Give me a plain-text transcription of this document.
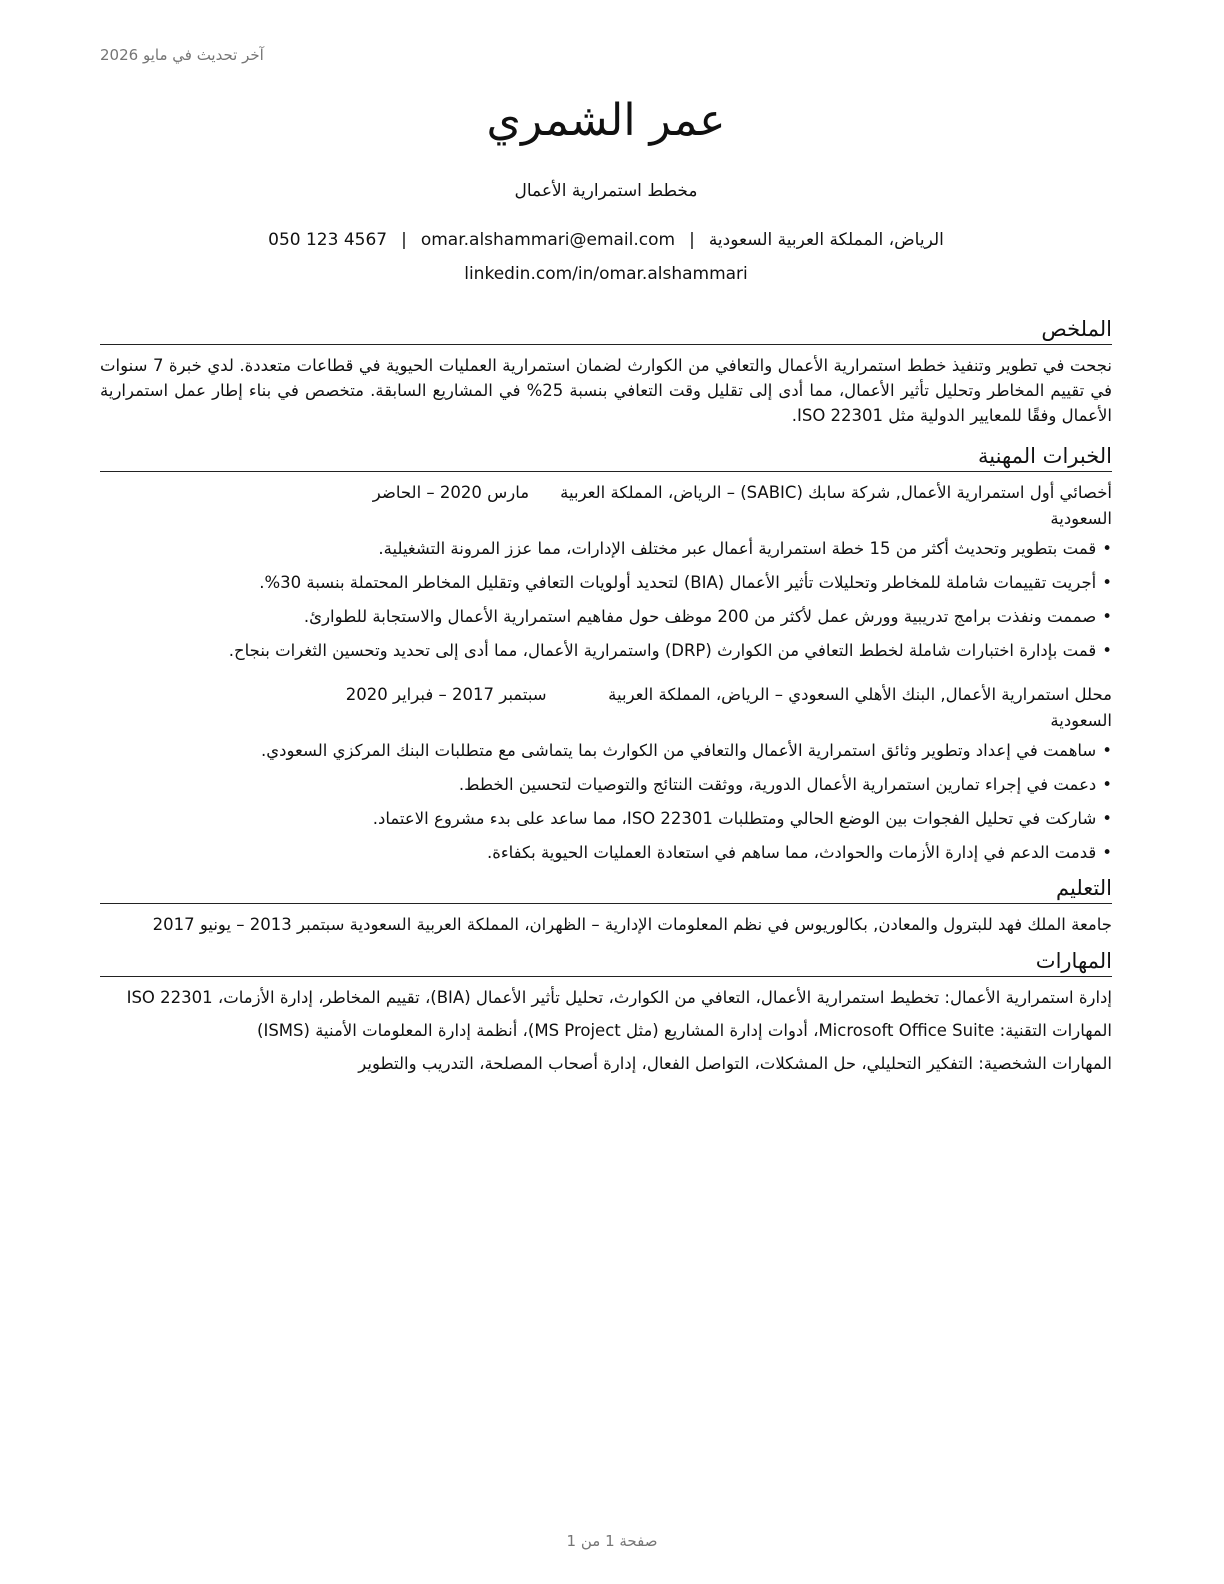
آخر تحديث في مايو 2026
عمر الشمري
مخطط استمرارية الأعمال
الرياض، المملكة العربية السعودية|omar.alshammari@email.com|050 123 4567
linkedin.com/in/omar.alshammari
الملخص

نجحت في تطوير وتنفيذ خطط استمرارية الأعمال والتعافي من الكوارث لضمان استمرارية العمليات الحيوية في قطاعات متعددة. لدي خبرة 7 سنوات في تقييم المخاطر وتحليل تأثير الأعمال، مما أدى إلى تقليل وقت التعافي بنسبة 25% في المشاريع السابقة. متخصص في بناء إطار عمل استمرارية الأعمال وفقًا للمعايير الدولية مثل ISO 22301.

الخبرات المهنية
أخصائي أول استمرارية الأعمال, شركة سابك (SABIC) – الرياض، المملكة العربية السعودية
مارس 2020 – الحاضر
•قمت بتطوير وتحديث أكثر من 15 خطة استمرارية أعمال عبر مختلف الإدارات، مما عزز المرونة التشغيلية.
•أجريت تقييمات شاملة للمخاطر وتحليلات تأثير الأعمال (BIA) لتحديد أولويات التعافي وتقليل المخاطر المحتملة بنسبة 30%.
•صممت ونفذت برامج تدريبية وورش عمل لأكثر من 200 موظف حول مفاهيم استمرارية الأعمال والاستجابة للطوارئ.
•قمت بإدارة اختبارات شاملة لخطط التعافي من الكوارث (DRP) واستمرارية الأعمال، مما أدى إلى تحديد وتحسين الثغرات بنجاح.
محلل استمرارية الأعمال, البنك الأهلي السعودي – الرياض، المملكة العربية السعودية
سبتمبر 2017 – فبراير 2020
•ساهمت في إعداد وتطوير وثائق استمرارية الأعمال والتعافي من الكوارث بما يتماشى مع متطلبات البنك المركزي السعودي.
•دعمت في إجراء تمارين استمرارية الأعمال الدورية، ووثقت النتائج والتوصيات لتحسين الخطط.
•شاركت في تحليل الفجوات بين الوضع الحالي ومتطلبات ISO 22301، مما ساعد على بدء مشروع الاعتماد.
•قدمت الدعم في إدارة الأزمات والحوادث، مما ساهم في استعادة العمليات الحيوية بكفاءة.
التعليم

جامعة الملك فهد للبترول والمعادن, بكالوريوس في نظم المعلومات الإدارية – الظهران، المملكة العربية السعودية سبتمبر 2013 – يونيو 2017

المهارات
إدارة استمرارية الأعمال: تخطيط استمرارية الأعمال، التعافي من الكوارث، تحليل تأثير الأعمال (BIA)، تقييم المخاطر، إدارة الأزمات، ISO 22301
المهارات التقنية: Microsoft Office Suite، أدوات إدارة المشاريع (مثل MS Project)، أنظمة إدارة المعلومات الأمنية (ISMS)
المهارات الشخصية: التفكير التحليلي، حل المشكلات، التواصل الفعال، إدارة أصحاب المصلحة، التدريب والتطوير
صفحة 1 من 1
